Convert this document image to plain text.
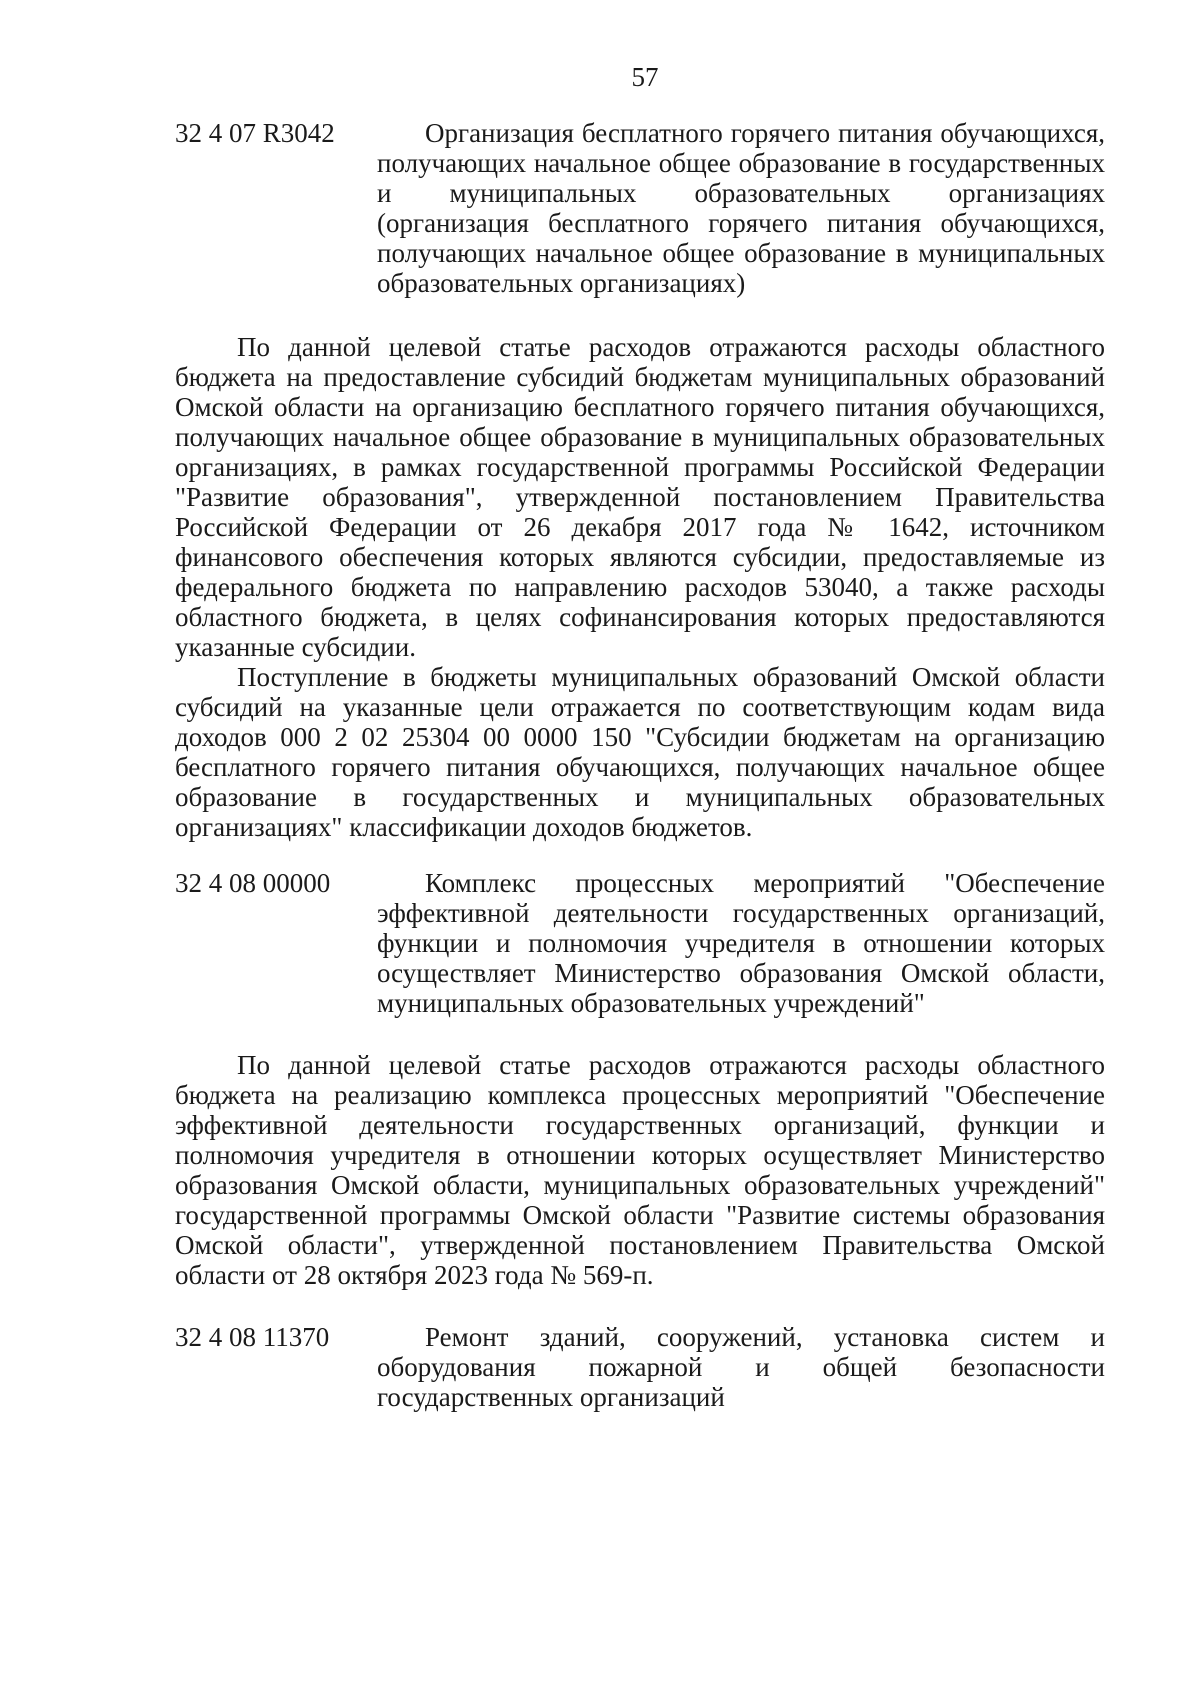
57
32 4 07 R3042	Организация бесплатного горячего питания обучающихся, получающих начальное общее образование в государственных и муниципальных образовательных организациях (организация бесплатного горячего питания обучающихся, получающих начальное общее образование в муниципальных образовательных организациях)
По данной целевой статье расходов отражаются расходы областного бюджета на предоставление субсидий бюджетам муниципальных образований Омской области на организацию бесплатного горячего питания обучающихся, получающих начальное общее образование в муниципальных образовательных организациях, в рамках государственной программы Российской Федерации "Развитие образования", утвержденной постановлением Правительства Российской Федерации от 26 декабря 2017 года № 1642, источником финансового обеспечения которых являются субсидии, предоставляемые из федерального бюджета по направлению расходов 53040, а также расходы областного бюджета, в целях софинансирования которых предоставляются указанные субсидии.
Поступление в бюджеты муниципальных образований Омской области субсидий на указанные цели отражается по соответствующим кодам вида доходов 000 2 02 25304 00 0000 150 "Субсидии бюджетам на организацию бесплатного горячего питания обучающихся, получающих начальное общее образование в государственных и муниципальных образовательных организациях" классификации доходов бюджетов.
32 4 08 00000	Комплекс процессных мероприятий "Обеспечение эффективной деятельности государственных организаций, функции и полномочия учредителя в отношении которых осуществляет Министерство образования Омской области, муниципальных образовательных учреждений"
По данной целевой статье расходов отражаются расходы областного бюджета на реализацию комплекса процессных мероприятий "Обеспечение эффективной деятельности государственных организаций, функции и полномочия учредителя в отношении которых осуществляет Министерство образования Омской области, муниципальных образовательных учреждений" государственной программы Омской области "Развитие системы образования Омской области", утвержденной постановлением Правительства Омской области от 28 октября 2023 года № 569-п.
32 4 08 11370	Ремонт зданий, сооружений, установка систем и оборудования пожарной и общей безопасности государственных организаций
